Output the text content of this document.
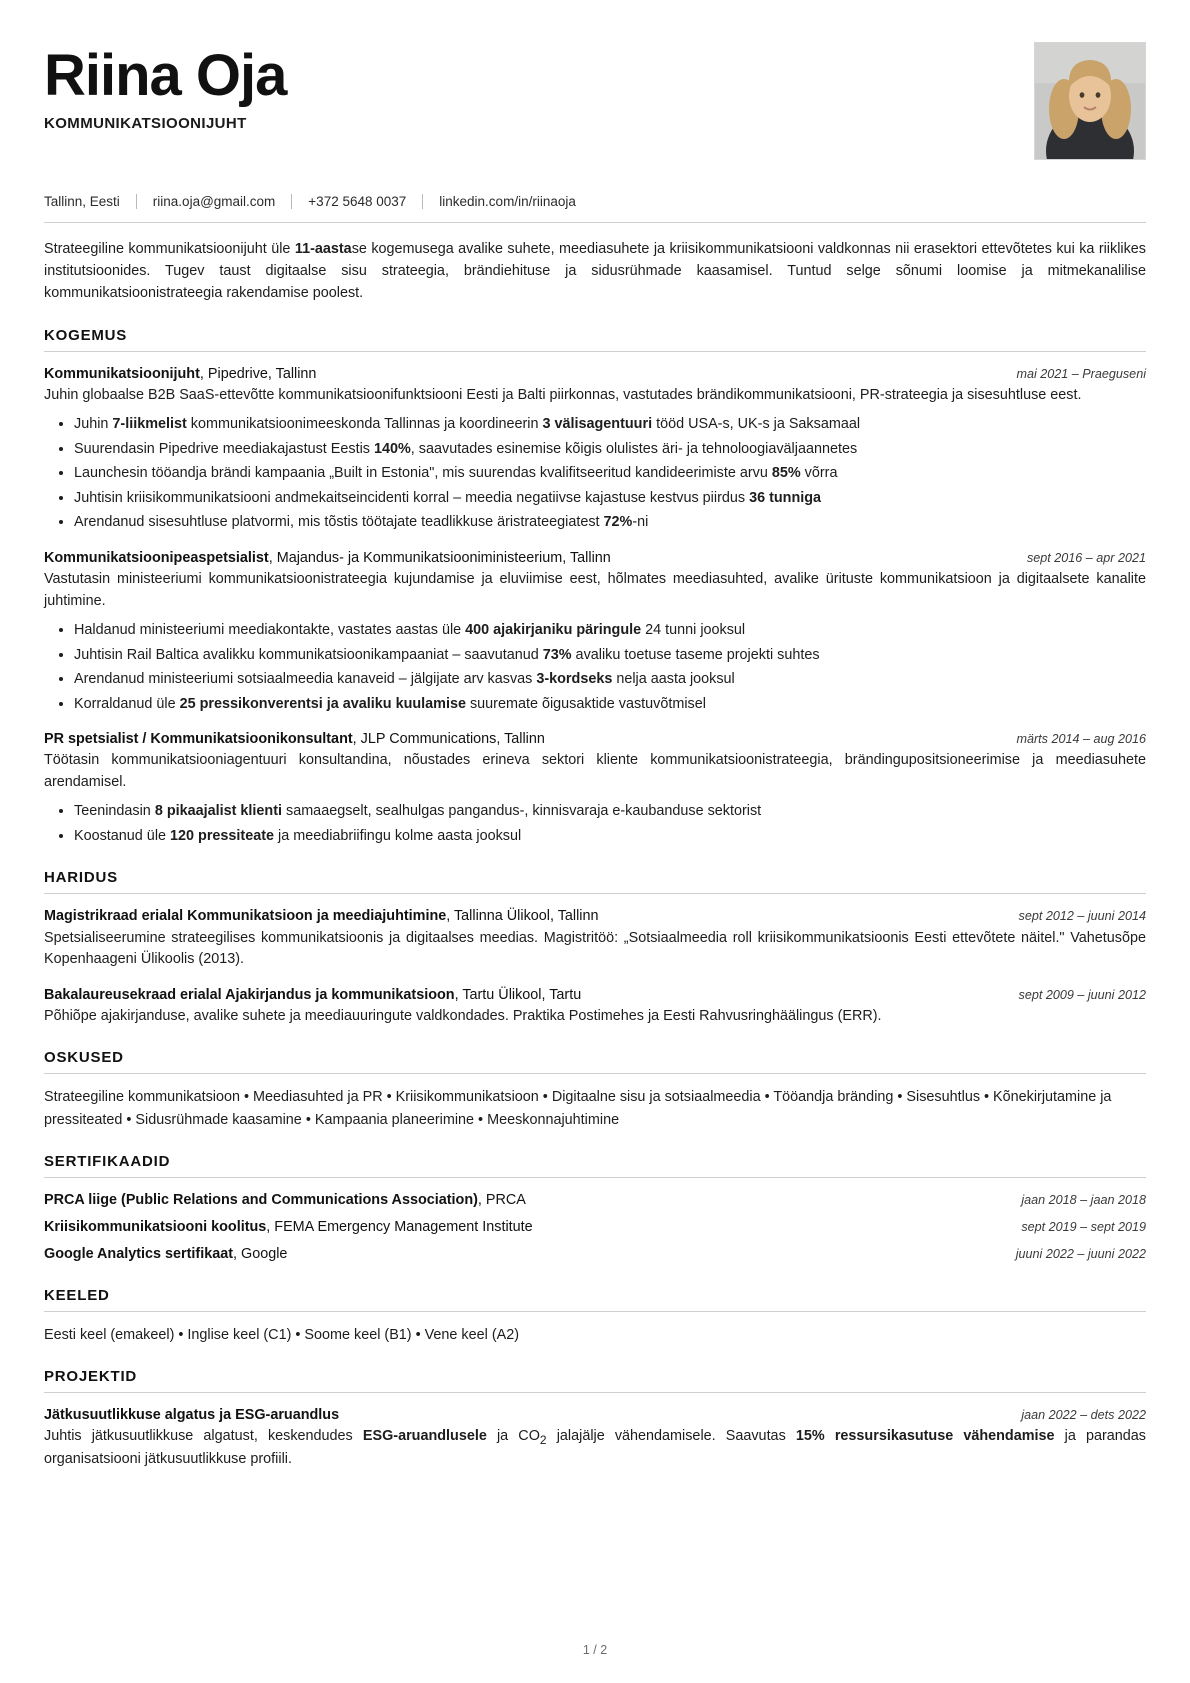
Riina Oja
KOMMUNIKATSIOONIJUHT
Tallinn, Eesti riina.oja@gmail.com +372 5648 0037 linkedin.com/in/riinaoja
Strateegiline kommunikatsioonijuht üle 11-aastase kogemusega avalike suhete, meediasuhete ja kriisikommunikatsiooni valdkonnas nii erasektori ettevõtetes kui ka riiklikes institutsioonides. Tugev taust digitaalse sisu strateegia, brändiehituse ja sidusrühmade kaasamisel. Tuntud selge sõnumi loomise ja mitmekanalilise kommunikatsioonistrateegia rakendamise poolest.
KOGEMUS
Kommunikatsioonijuht, Pipedrive, Tallinn	mai 2021 – Praeguseni
Juhin globaalse B2B SaaS-ettevõtte kommunikatsioonifunktsiooni Eesti ja Balti piirkonnas, vastutades brändikommunikatsiooni, PR-strateegia ja sisesuhtluse eest.
• Juhin 7-liikmelist kommunikatsioonimeeskonda Tallinnas ja koordineerin 3 välisagentuuri tööd USA-s, UK-s ja Saksamaal
• Suurendasin Pipedrive meediakajastust Eestis 140%, saavutades esinemise kõigis olulistes äri- ja tehnoloogiaväljaannetes
• Launchesin tööandja brändi kampaania „Built in Estonia", mis suurendas kvalifitseeritud kandideerimiste arvu 85% võrra
• Juhtisin kriisikommunikatsiooni andmekaitseincidenti korral – meedia negatiivse kajastuse kestvus piirdus 36 tunniga
• Arendanud sisesuhtluse platvormi, mis tõstis töötajate teadlikkuse äristrateegiatest 72%-ni
Kommunikatsioonipeaspetsialist, Majandus- ja Kommunikatsiooniministeerium, Tallinn	sept 2016 – apr 2021
Vastutasin ministeeriumi kommunikatsioonistrateegia kujundamise ja eluviimise eest, hõlmates meediasuhted, avalike ürituste kommunikatsioon ja digitaalsete kanalite juhtimine.
• Haldanud ministeeriumi meediakontakte, vastates aastas üle 400 ajakirjaniku päringule 24 tunni jooksul
• Juhtisin Rail Baltica avalikku kommunikatsioonikampaaniat – saavutanud 73% avaliku toetuse taseme projekti suhtes
• Arendanud ministeeriumi sotsiaalmeedia kanaveid – jälgijate arv kasvas 3-kordseks nelja aasta jooksul
• Korraldanud üle 25 pressikonverentsi ja avaliku kuulamise suuremate õigusaktide vastuvõtmisel
PR spetsialist / Kommunikatsioonikonsultant, JLP Communications, Tallinn	märts 2014 – aug 2016
Töötasin kommunikatsiooniagentuuri konsultandina, nõustades erineva sektori kliente kommunikatsioonistrateegia, brändingupositsioneerimise ja meediasuhete arendamisel.
• Teenindasin 8 pikaajalist klienti samaaegselt, sealhulgas pangandus-, kinnisvaraja e-kaubanduse sektorist
• Koostanud üle 120 pressiteate ja meediabriifingu kolme aasta jooksul
HARIDUS
Magistrikraad erialal Kommunikatsioon ja meediajuhtimine, Tallinna Ülikool, Tallinn	sept 2012 – juuni 2014
Spetsialiseerumine strateegilises kommunikatsioonis ja digitaalses meedias. Magistritöö: „Sotsiaalmeedia roll kriisikommunikatsioonis Eesti ettevõtete näitel." Vahetusõpe Kopenhaageni Ülikoolis (2013).
Bakalaureusekraad erialal Ajakirjandus ja kommunikatsioon, Tartu Ülikool, Tartu	sept 2009 – juuni 2012
Põhiõpe ajakirjanduse, avalike suhete ja meediauuringute valdkondades. Praktika Postimehes ja Eesti Rahvusringhäälingus (ERR).
OSKUSED
Strateegiline kommunikatsioon • Meediasuhted ja PR • Kriisikommunikatsioon • Digitaalne sisu ja sotsiaalmeedia • Tööandja bränding • Sisesuhtlus • Kõnekirjutamine ja pressiteated • Sidusrühmade kaasamine • Kampaania planeerimine • Meeskonnajuhtimine
SERTIFIKAADID
PRCA liige (Public Relations and Communications Association), PRCA	jaan 2018 – jaan 2018
Kriisikommunikatsiooni koolitus, FEMA Emergency Management Institute	sept 2019 – sept 2019
Google Analytics sertifikaat, Google	juuni 2022 – juuni 2022
KEELED
Eesti keel (emakeel) • Inglise keel (C1) • Soome keel (B1) • Vene keel (A2)
PROJEKTID
Jätkusuutlikkuse algatus ja ESG-aruandlus	jaan 2022 – dets 2022
Juhtis jätkusuutlikkuse algatust, keskendudes ESG-aruandlusele ja $CO_2$ jalajälje vähendamisele. Saavutas 15% ressursikasutuse vähendamise ja parandas organisatsiooni jätkusuutlikkuse profiili.
1 / 2
